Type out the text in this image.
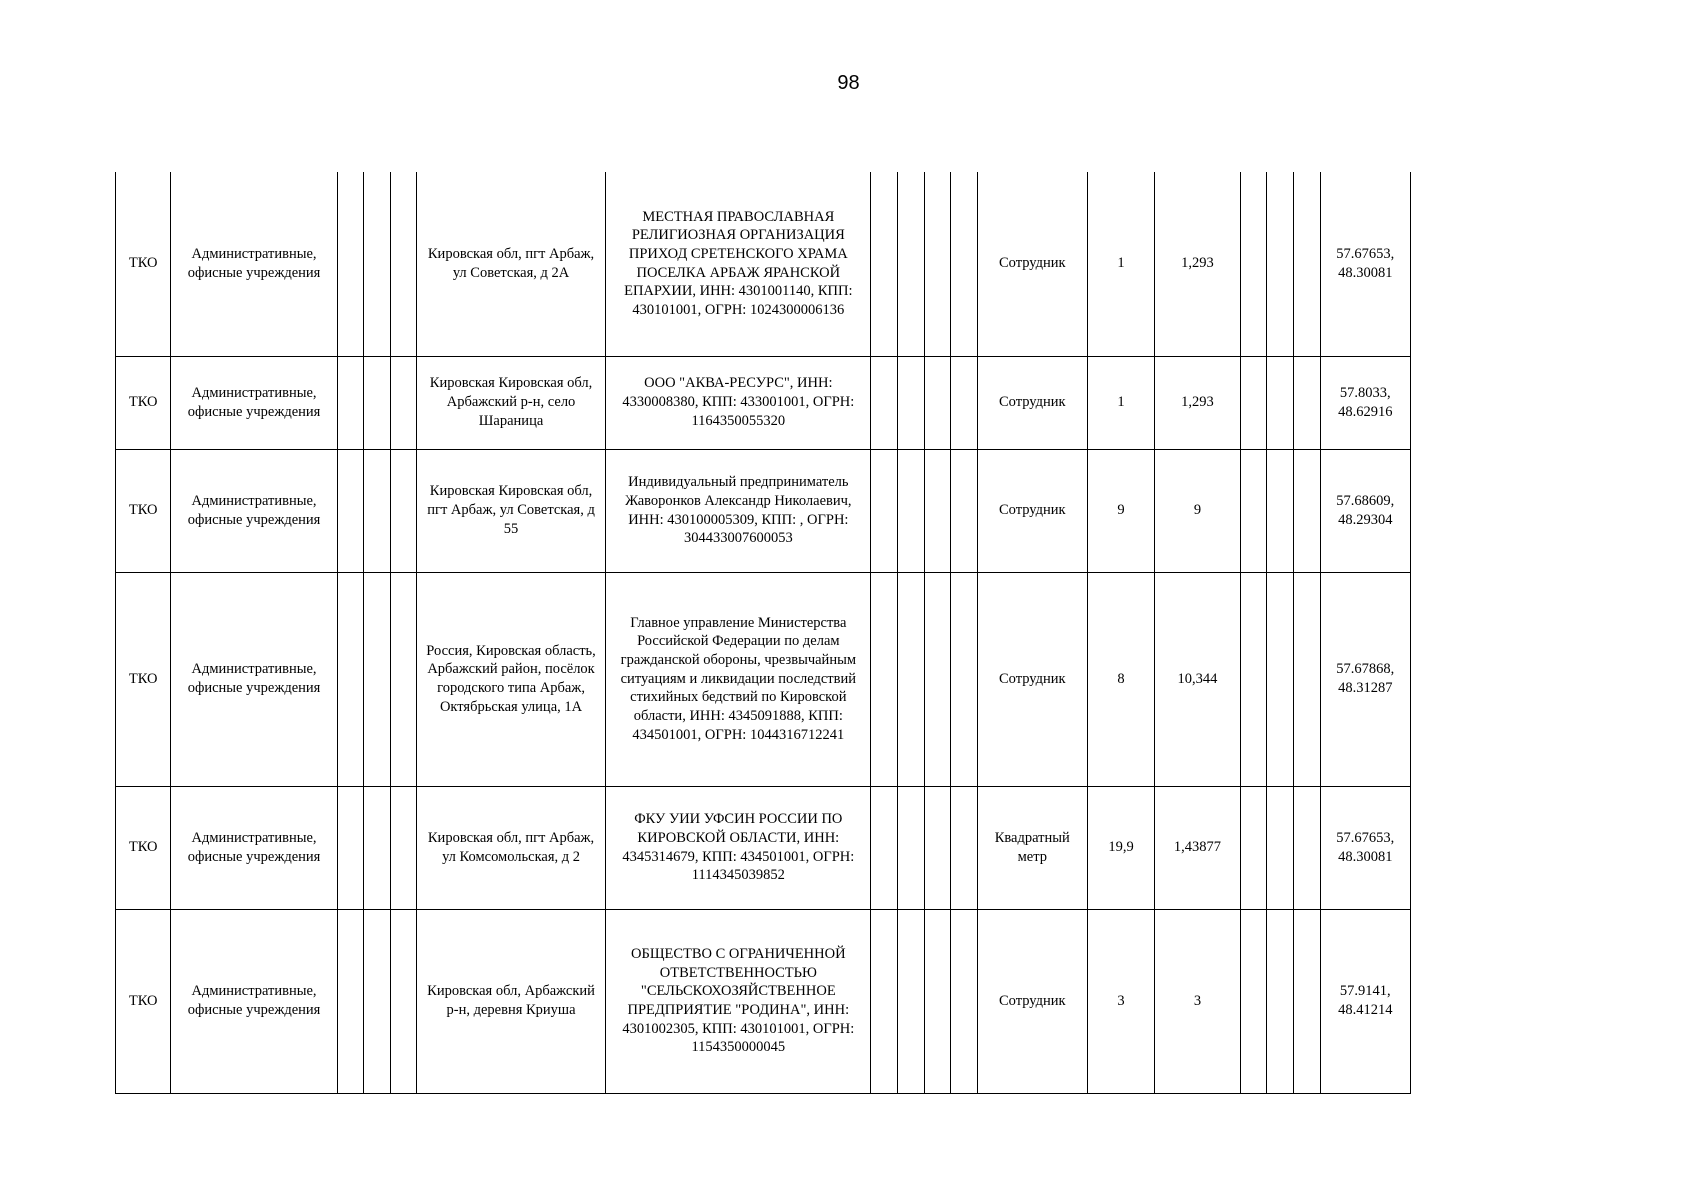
98
ТКО	Административные, офисные учреждения				Кировская обл, пгт Арбаж, ул Советская, д 2А	МЕСТНАЯ ПРАВОСЛАВНАЯ РЕЛИГИОЗНАЯ ОРГАНИЗАЦИЯ ПРИХОД СРЕТЕНСКОГО ХРАМА ПОСЕЛКА АРБАЖ ЯРАНСКОЙ ЕПАРХИИ, ИНН: 4301001140, КПП: 430101001, ОГРН: 1024300006136					Сотрудник	1	1,293				57.67653, 48.30081
ТКО	Административные, офисные учреждения				Кировская Кировская обл, Арбажский р-н, село Шараница	ООО "АКВА-РЕСУРС", ИНН: 4330008380, КПП: 433001001, ОГРН: 1164350055320					Сотрудник	1	1,293				57.8033, 48.62916
ТКО	Административные, офисные учреждения				Кировская Кировская обл, пгт Арбаж, ул Советская, д 55	Индивидуальный предприниматель Жаворонков Александр Николаевич, ИНН: 430100005309, КПП: , ОГРН: 304433007600053					Сотрудник	9	9				57.68609, 48.29304
ТКО	Административные, офисные учреждения				Россия, Кировская область, Арбажский район, посёлок городского типа Арбаж, Октябрьская улица, 1А	Главное управление Министерства Российской Федерации по делам гражданской обороны, чрезвычайным ситуациям и ликвидации последствий стихийных бедствий по Кировской области, ИНН: 4345091888, КПП: 434501001, ОГРН: 1044316712241					Сотрудник	8	10,344				57.67868, 48.31287
ТКО	Административные, офисные учреждения				Кировская обл, пгт Арбаж, ул Комсомольская, д 2	ФКУ УИИ УФСИН РОССИИ ПО КИРОВСКОЙ ОБЛАСТИ, ИНН: 4345314679, КПП: 434501001, ОГРН: 1114345039852					Квадратный метр	19,9	1,43877				57.67653, 48.30081
ТКО	Административные, офисные учреждения				Кировская обл, Арбажский р-н, деревня Криуша	ОБЩЕСТВО С ОГРАНИЧЕННОЙ ОТВЕТСТВЕННОСТЬЮ "СЕЛЬСКОХОЗЯЙСТВЕННОЕ ПРЕДПРИЯТИЕ "РОДИНА", ИНН: 4301002305, КПП: 430101001, ОГРН: 1154350000045					Сотрудник	3	3				57.9141, 48.41214
